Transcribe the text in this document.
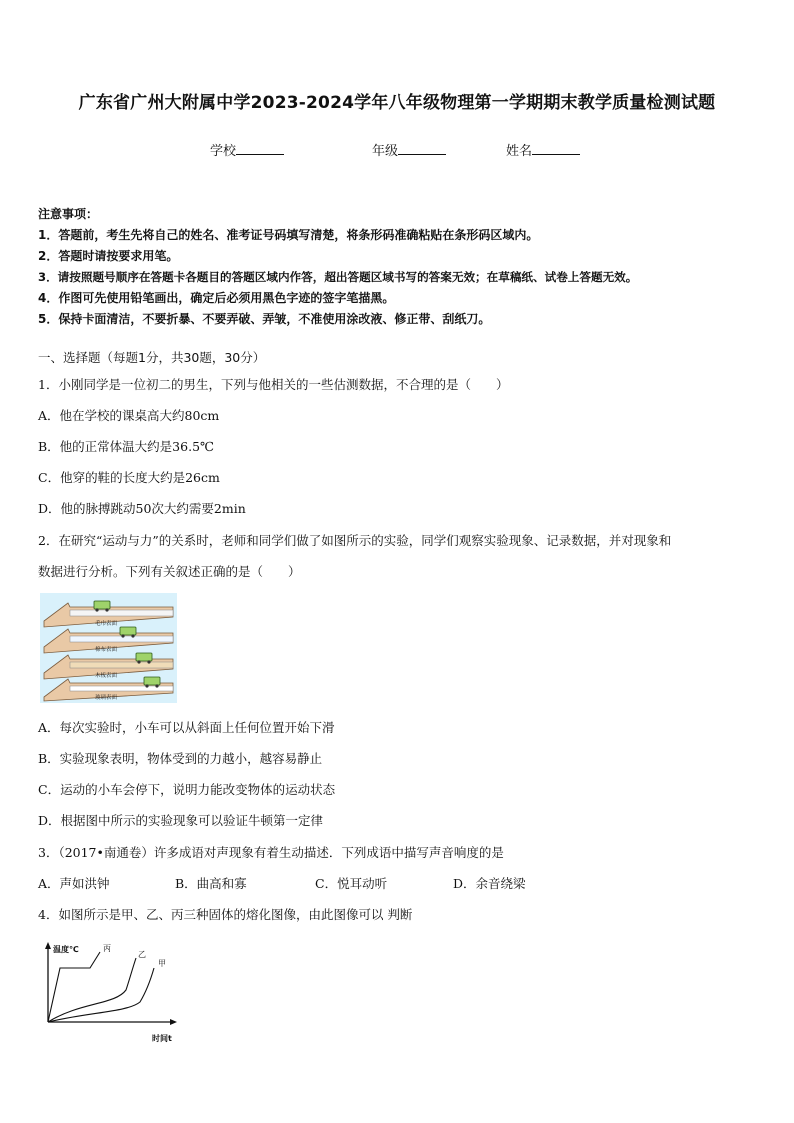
广东省广州大附属中学2023-2024学年八年级物理第一学期期末教学质量检测试题
学校	年级	姓名
注意事项：
1．答题前，考生先将自己的姓名、准考证号码填写清楚，将条形码准确粘贴在条形码区域内。
2．答题时请按要求用笔。
3．请按照题号顺序在答题卡各题目的答题区域内作答，超出答题区域书写的答案无效；在草稿纸、试卷上答题无效。
4．作图可先使用铅笔画出，确定后必须用黑色字迹的签字笔描黑。
5．保持卡面清洁，不要折暴、不要弄破、弄皱，不准使用涂改液、修正带、刮纸刀。
一、选择题（每题1分，共30题，30分）
1．小刚同学是一位初二的男生，下列与他相关的一些估测数据，不合理的是（　　）
A．他在学校的课桌高大约80cm
B．他的正常体温大约是36.5℃
C．他穿的鞋的长度大约是26cm
D．他的脉搏跳动50次大约需要2min
2．在研究“运动与力”的关系时，老师和同学们做了如图所示的实验，同学们观察实验现象、记录数据，并对现象和
数据进行分析。下列有关叙述正确的是（　　）
毛巾表面
棉布表面
木板表面
玻璃表面
A．每次实验时，小车可以从斜面上任何位置开始下滑
B．实验现象表明，物体受到的力越小，越容易静止
C．运动的小车会停下，说明力能改变物体的运动状态
D．根据图中所示的实验现象可以验证牛顿第一定律
3．（2017•南通卷）许多成语对声现象有着生动描述．下列成语中描写声音响度的是
A．声如洪钟	B．曲高和寡	C．悦耳动听	D．余音绕梁
4．如图所示是甲、乙、丙三种固体的熔化图像，由此图像可以 判断
温度℃
时间t
丙
乙
甲
